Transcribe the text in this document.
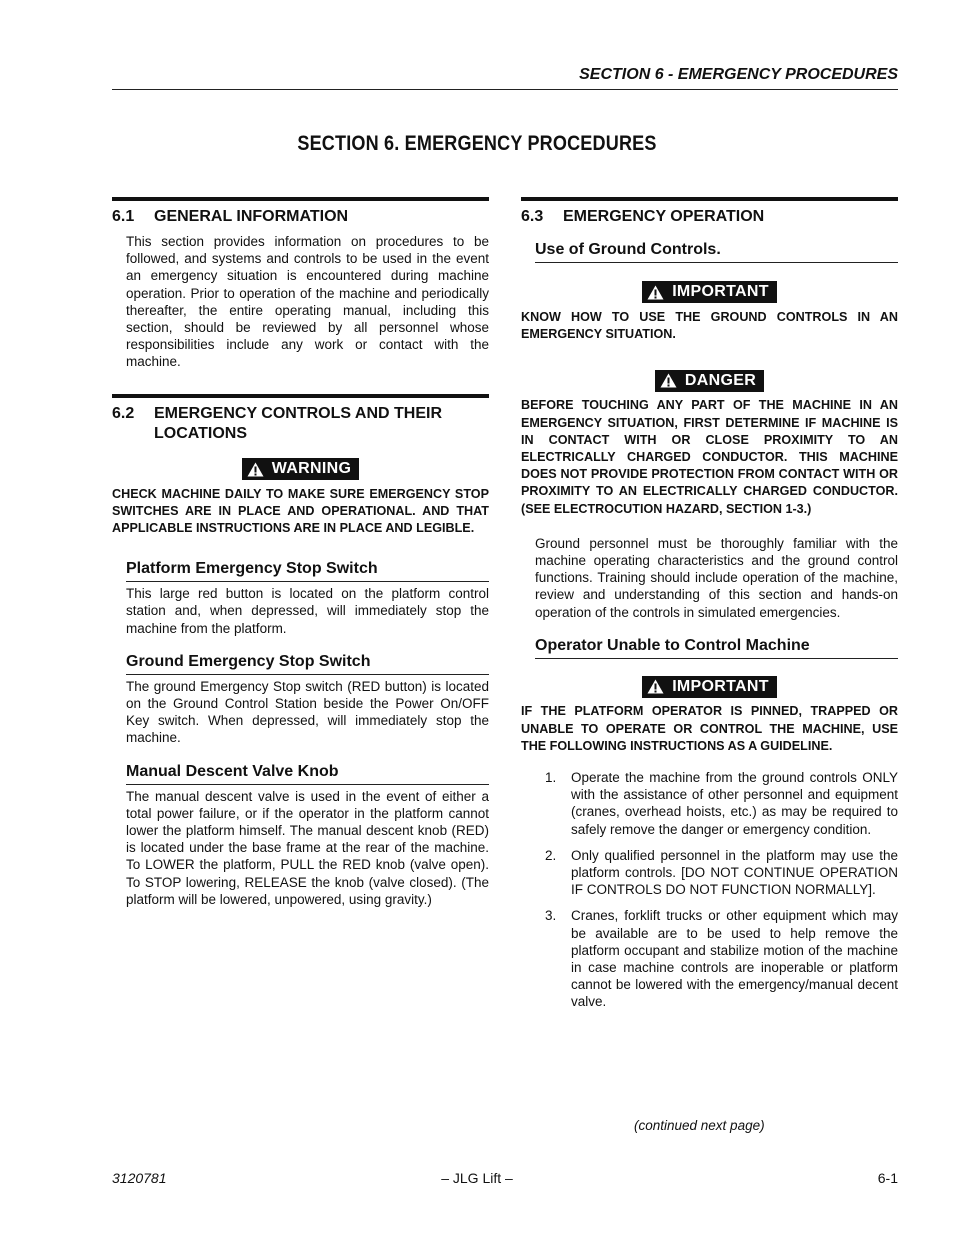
SECTION 6 - EMERGENCY PROCEDURES
SECTION 6. EMERGENCY PROCEDURES
6.1	GENERAL INFORMATION
This section provides information on procedures to be followed, and systems and controls to be used in the event an emergency situation is encountered during machine operation. Prior to operation of the machine and periodically thereafter, the entire operating manual, including this section, should be reviewed by all personnel whose responsibilities include any work or contact with the machine.
6.2	EMERGENCY CONTROLS AND THEIR LOCATIONS
WARNING
CHECK MACHINE DAILY TO MAKE SURE EMERGENCY STOP SWITCHES ARE IN PLACE AND OPERATIONAL. AND THAT APPLICABLE INSTRUCTIONS ARE IN PLACE AND LEGIBLE.
Platform Emergency Stop Switch
This large red button is located on the platform control station and, when depressed, will immediately stop the machine from the platform.
Ground Emergency Stop Switch
The ground Emergency Stop switch (RED button) is located on the Ground Control Station beside the Power On/OFF Key switch. When depressed, will immediately stop the machine.
Manual Descent Valve Knob
The manual descent valve is used in the event of either a total power failure, or if the operator in the platform cannot lower the platform himself. The manual descent knob (RED) is located under the base frame at the rear of the machine. To LOWER the platform, PULL the RED knob (valve open). To STOP lowering, RELEASE the knob (valve closed). (The platform will be lowered, unpowered, using gravity.)
6.3	EMERGENCY OPERATION
Use of Ground Controls.
IMPORTANT
KNOW HOW TO USE THE GROUND CONTROLS IN AN EMERGENCY SITUATION.
DANGER
BEFORE TOUCHING ANY PART OF THE MACHINE IN AN EMERGENCY SITUATION, FIRST DETERMINE IF MACHINE IS IN CONTACT WITH OR CLOSE PROXIMITY TO AN ELECTRICALLY CHARGED CONDUCTOR. THIS MACHINE DOES NOT PROVIDE PROTECTION FROM CONTACT WITH OR PROXIMITY TO AN ELECTRICALLY CHARGED CONDUCTOR. (SEE ELECTROCUTION HAZARD, SECTION 1-3.)
Ground personnel must be thoroughly familiar with the machine operating characteristics and the ground control functions. Training should include operation of the machine, review and understanding of this section and hands-on operation of the controls in simulated emergencies.
Operator Unable to Control Machine
IMPORTANT
IF THE PLATFORM OPERATOR IS PINNED, TRAPPED OR UNABLE TO OPERATE OR CONTROL THE MACHINE, USE THE FOLLOWING INSTRUCTIONS AS A GUIDELINE.
1.	Operate the machine from the ground controls ONLY with the assistance of other personnel and equipment (cranes, overhead hoists, etc.) as may be required to safely remove the danger or emergency condition.
2.	Only qualified personnel in the platform may use the platform controls. [DO NOT CONTINUE OPERATION IF CONTROLS DO NOT FUNCTION NORMALLY].
3.	Cranes, forklift trucks or other equipment which may be available are to be used to help remove the platform occupant and stabilize motion of the machine in case machine controls are inoperable or platform cannot be lowered with the emergency/manual decent valve.
(continued next page)
3120781	– JLG Lift –	6-1
